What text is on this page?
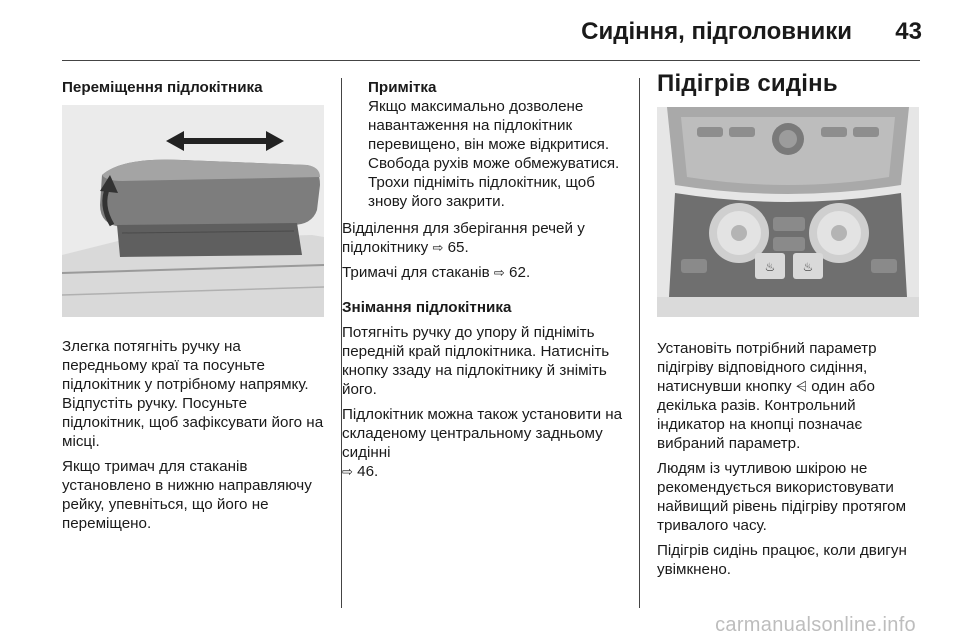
Сидіння, підголовники 43

Переміщення підлокітника

Злегка потягніть ручку на передньому краї та посуньте підлокітник у потрібному напрямку. Відпустіть ручку. Посуньте підлокітник, щоб зафіксувати його на місці.

Якщо тримач для стаканів установлено в нижню направляючу рейку, упевніться, що його не переміщено.

Примітка
Якщо максимально дозволене навантаження на підлокітник перевищено, він може відкритися. Свобода рухів може обмежуватися. Трохи підніміть підлокітник, щоб знову його закрити.

Відділення для зберігання речей у підлокітнику ⇨ 65.

Тримачі для стаканів ⇨ 62.

Знімання підлокітника

Потягніть ручку до упору й підніміть передній край підлокітника. Натисніть кнопку ззаду на підлокітнику й зніміть його.

Підлокітник можна також установити на складеному центральному задньому сидінні
⇨ 46.

Підігрів сидінь
♨ ♨

Установіть потрібний параметр підігріву відповідного сидіння, натиснувши кнопку ⩤ один або декілька разів. Контрольний індикатор на кнопці позначає вибраний параметр.

Людям із чутливою шкірою не рекомендується використовувати найвищий рівень підігріву протягом тривалого часу.

Підігрів сидінь працює, коли двигун увімкнено.

carmanualsonline.info
